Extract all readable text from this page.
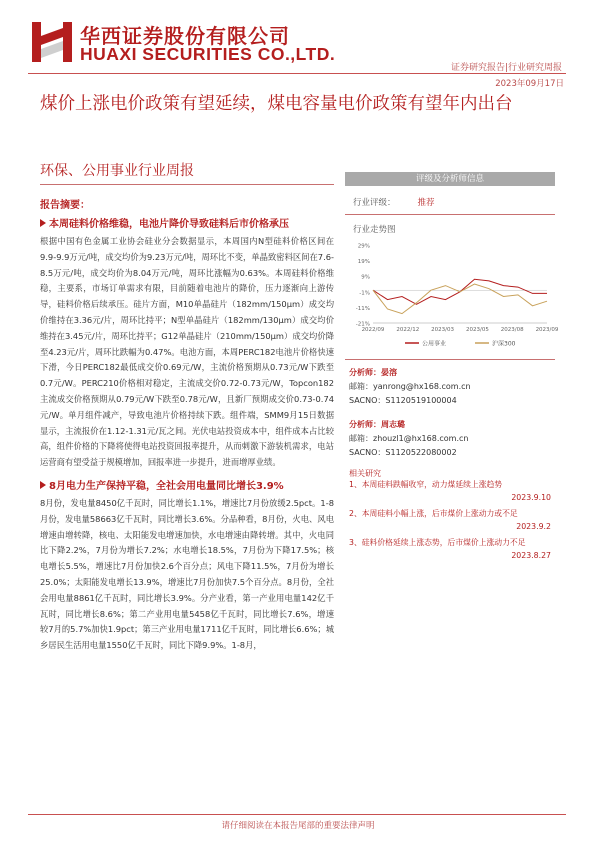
华西证券股份有限公司
HUAXI SECURITIES CO.,LTD.
证券研究报告|行业研究周报
2023年09月17日
煤价上涨电价政策有望延续，煤电容量电价政策有望年内出台
环保、公用事业行业周报
报告摘要：
本周硅料价格维稳，电池片降价导致硅料后市价格承压
根据中国有色金属工业协会硅业分会数据显示，本周国内N型硅料价格区间在9.9-9.9万元/吨，成交均价为9.23万元/吨，周环比不变，单晶致密料区间在7.6-8.5万元/吨，成交均价为8.04万元/吨，周环比涨幅为0.63%。本周硅料价格维稳，主要系，市场订单需求有限，目前随着电池片的降价，压力逐渐向上游传导，硅料价格后续承压。硅片方面，M10单晶硅片（182mm/150μm）成交均价维持在3.36元/片，周环比持平；N型单晶硅片（182mm/130μm）成交均价维持在3.45元/片，周环比持平；G12单晶硅片（210mm/150μm）成交均价降至4.23元/片，周环比跌幅为0.47%。电池方面，本周PERC182电池片价格快速下滑，今日PERC182最低成交价0.69元/W，主流价格预期从0.73元/W下跌至0.7元/W。PERC210价格相对稳定，主流成交价0.72-0.73元/W，Topcon182主流成交价格预期从0.79元/W下跌至0.78元/W，且新厂预期成交价0.73-0.74元/W。单月组件减产，导致电池片价格持续下跌。组件端，SMM9月15日数据显示，主流报价在1.12-1.31元/瓦之间。光伏电站投资成本中，组件成本占比较高，组件价格的下降将使得电站投资回报率提升，从而刺激下游装机需求，电站运营商有望受益于规模增加，回报率进一步提升，进而增厚业绩。
8月电力生产保持平稳，全社会用电量同比增长3.9%
8月份，发电量8450亿千瓦时，同比增长1.1%，增速比7月份放缓2.5pct。1-8月份，发电量58663亿千瓦时，同比增长3.6%。分品种看，8月份，火电、风电增速由增转降，核电、太阳能发电增速加快，水电增速由降转增。其中，火电同比下降2.2%，7月份为增长7.2%；水电增长18.5%，7月份为下降17.5%；核电增长5.5%，增速比7月份加快2.6个百分点；风电下降11.5%，7月份为增长25.0%；太阳能发电增长13.9%，增速比7月份加快7.5个百分点。8月份，全社会用电量8861亿千瓦时，同比增长3.9%。分产业看，第一产业用电量142亿千瓦时，同比增长8.6%；第二产业用电量5458亿千瓦时，同比增长7.6%，增速较7月的5.7%加快1.9pct；第三产业用电量1711亿千瓦时，同比增长6.6%；城乡居民生活用电量1550亿千瓦时，同比下降9.9%。1-8月，
评级及分析师信息
行业评级：	推荐
行业走势图
29%
19%
9%
-1%
-11%
-21%
2022/09 2022/12 2023/03 2023/05 2023/08 2023/09
公用事业	沪深300
分析师：晏溶
邮箱：yanrong@hx168.com.cn
SACNO：S1120519100004
分析师：周志璐
邮箱：zhouzl1@hx168.com.cn
SACNO：S1120522080002
相关研究
1、本周硅料跌幅收窄，动力煤延续上涨趋势
2023.9.10
2、本周硅料小幅上涨，后市煤价上涨动力或不足
2023.9.2
3、硅料价格延续上涨态势，后市煤价上涨动力不足
2023.8.27
请仔细阅读在本报告尾部的重要法律声明
